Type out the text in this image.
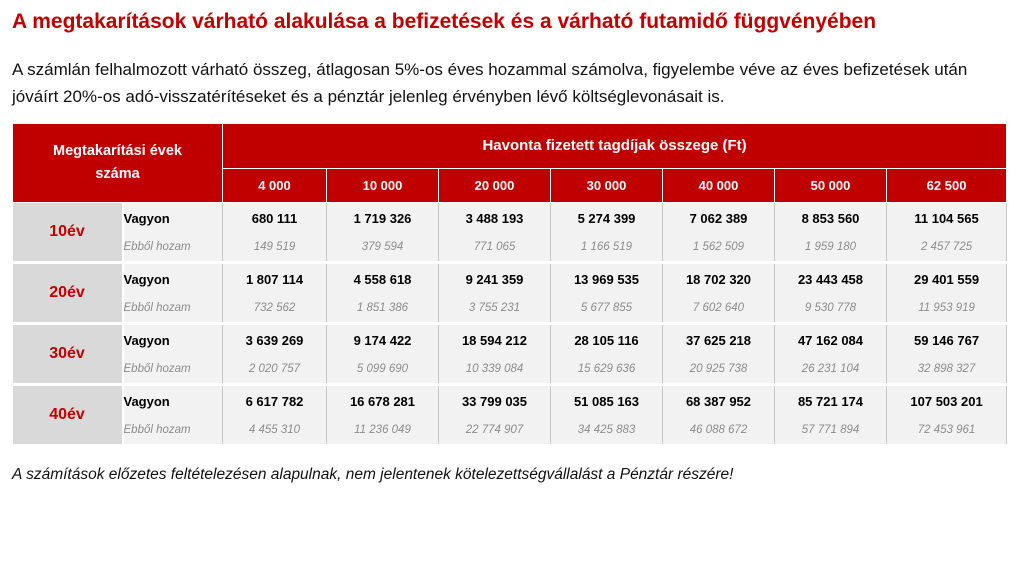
A megtakarítások várható alakulása a befizetések és a várható futamidő függvényében
A számlán felhalmozott várható összeg, átlagosan 5%-os éves hozammal számolva, figyelembe véve az éves befizetések után jóváírt 20%-os adó-visszatérítéseket és a pénztár jelenleg érvényben lévő költséglevonásait is.
Megtakarítási évek
száma		Havonta fizetett tagdíjak összege (Ft)						
		4 000	10 000	20 000	30 000	40 000	50 000	62 500
10év	Vagyon	680 111	1 719 326	3 488 193	5 274 399	7 062 389	8 853 560	11 104 565
	Ebből hozam	149 519	379 594	771 065	1 166 519	1 562 509	1 959 180	2 457 725
20év	Vagyon	1 807 114	4 558 618	9 241 359	13 969 535	18 702 320	23 443 458	29 401 559
	Ebből hozam	732 562	1 851 386	3 755 231	5 677 855	7 602 640	9 530 778	11 953 919
30év	Vagyon	3 639 269	9 174 422	18 594 212	28 105 116	37 625 218	47 162 084	59 146 767
	Ebből hozam	2 020 757	5 099 690	10 339 084	15 629 636	20 925 738	26 231 104	32 898 327
40év	Vagyon	6 617 782	16 678 281	33 799 035	51 085 163	68 387 952	85 721 174	107 503 201
	Ebből hozam	4 455 310	11 236 049	22 774 907	34 425 883	46 088 672	57 771 894	72 453 961
A számítások előzetes feltételezésen alapulnak, nem jelentenek kötelezettségvállalást a Pénztár részére!
